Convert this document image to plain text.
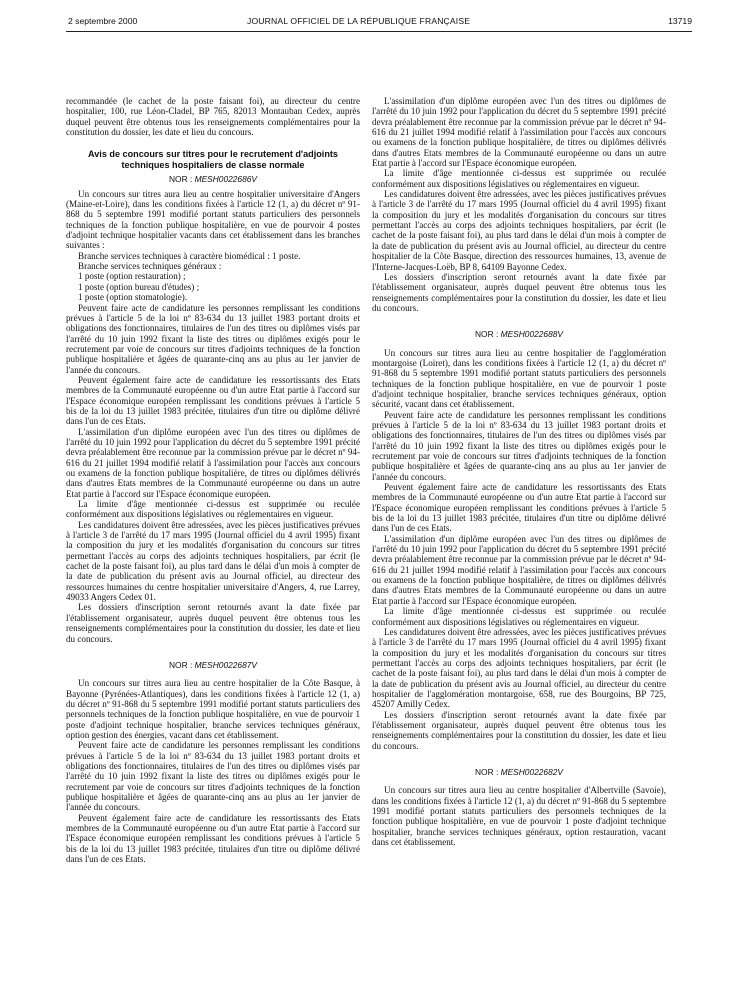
2 septembre 2000	JOURNAL OFFICIEL DE LA RÉPUBLIQUE FRANÇAISE	13719

recommandée (le cachet de la poste faisant foi), au directeur du centre hospitalier, 100, rue Léon-Cladel, BP 765, 82013 Montauban Cedex, auprès duquel peuvent être obtenus tous les renseignements complémentaires pour la constitution du dossier, les date et lieu du concours.

Avis de concours sur titres pour le recrutement d'adjoints techniques hospitaliers de classe normale
NOR : MESH0022686V

Un concours sur titres aura lieu au centre hospitalier universitaire d'Angers (Maine-et-Loire), dans les conditions fixées à l'article 12 (1, a) du décret nº 91-868 du 5 septembre 1991 modifié portant statuts particuliers des personnels techniques de la fonction publique hospitalière, en vue de pourvoir 4 postes d'adjoint technique hospitalier vacants dans cet établissement dans les branches suivantes :

Branche services techniques à caractère biomédical : 1 poste.

Branche services techniques généraux :

1 poste (option restauration) ;

1 poste (option bureau d'études) ;

1 poste (option stomatologie).

Peuvent faire acte de candidature les personnes remplissant les conditions prévues à l'article 5 de la loi nº 83-634 du 13 juillet 1983 portant droits et obligations des fonctionnaires, titulaires de l'un des titres ou diplômes visés par l'arrêté du 10 juin 1992 fixant la liste des titres ou diplômes exigés pour le recrutement par voie de concours sur titres d'adjoints techniques de la fonction publique hospitalière et âgées de quarante-cinq ans au plus au 1er janvier de l'année du concours.

Peuvent également faire acte de candidature les ressortissants des Etats membres de la Communauté européenne ou d'un autre Etat partie à l'accord sur l'Espace économique européen remplissant les conditions prévues à l'article 5 bis de la loi du 13 juillet 1983 précitée, titulaires d'un titre ou diplôme délivré dans l'un de ces Etats.

L'assimilation d'un diplôme européen avec l'un des titres ou diplômes de l'arrêté du 10 juin 1992 pour l'application du décret du 5 septembre 1991 précité devra préalablement être reconnue par la commission prévue par le décret nº 94-616 du 21 juillet 1994 modifié relatif à l'assimilation pour l'accès aux concours ou examens de la fonction publique hospitalière, de titres ou diplômes délivrés dans d'autres Etats membres de la Communauté européenne ou dans un autre Etat partie à l'accord sur l'Espace économique européen.

La limite d'âge mentionnée ci-dessus est supprimée ou reculée conformément aux dispositions législatives ou réglementaires en vigueur.

Les candidatures doivent être adressées, avec les pièces justificatives prévues à l'article 3 de l'arrêté du 17 mars 1995 (Journal officiel du 4 avril 1995) fixant la composition du jury et les modalités d'organisation du concours sur titres permettant l'accès au corps des adjoints techniques hospitaliers, par écrit (le cachet de la poste faisant foi), au plus tard dans le délai d'un mois à compter de la date de publication du présent avis au Journal officiel, au directeur des ressources humaines du centre hospitalier universitaire d'Angers, 4, rue Larrey, 49033 Angers Cedex 01.

Les dossiers d'inscription seront retournés avant la date fixée par l'établissement organisateur, auprès duquel peuvent être obtenus tous les renseignements complémentaires pour la constitution du dossier, les date et lieu du concours.

NOR : MESH0022687V

Un concours sur titres aura lieu au centre hospitalier de la Côte Basque, à Bayonne (Pyrénées-Atlantiques), dans les conditions fixées à l'article 12 (1, a) du décret nº 91-868 du 5 septembre 1991 modifié portant statuts particuliers des personnels techniques de la fonction publique hospitalière, en vue de pourvoir 1 poste d'adjoint technique hospitalier, branche services techniques généraux, option gestion des énergies, vacant dans cet établissement.

Peuvent faire acte de candidature les personnes remplissant les conditions prévues à l'article 5 de la loi nº 83-634 du 13 juillet 1983 portant droits et obligations des fonctionnaires, titulaires de l'un des titres ou diplômes visés par l'arrêté du 10 juin 1992 fixant la liste des titres ou diplômes exigés pour le recrutement par voie de concours sur titres d'adjoints techniques de la fonction publique hospitalière et âgées de quarante-cinq ans au plus au 1er janvier de l'année du concours.

Peuvent également faire acte de candidature les ressortissants des Etats membres de la Communauté européenne ou d'un autre Etat partie à l'accord sur l'Espace économique européen remplissant les conditions prévues à l'article 5 bis de la loi du 13 juillet 1983 précitée, titulaires d'un titre ou diplôme délivré dans l'un de ces Etats.

L'assimilation d'un diplôme européen avec l'un des titres ou diplômes de l'arrêté du 10 juin 1992 pour l'application du décret du 5 septembre 1991 précité devra préalablement être reconnue par la commission prévue par le décret nº 94-616 du 21 juillet 1994 modifié relatif à l'assimilation pour l'accès aux concours ou examens de la fonction publique hospitalière, de titres ou diplômes délivrés dans d'autres Etats membres de la Communauté européenne ou dans un autre Etat partie à l'accord sur l'Espace économique européen.

La limite d'âge mentionnée ci-dessus est supprimée ou reculée conformément aux dispositions législatives ou réglementaires en vigueur.

Les candidatures doivent être adressées, avec les pièces justificatives prévues à l'article 3 de l'arrêté du 17 mars 1995 (Journal officiel du 4 avril 1995) fixant la composition du jury et les modalités d'organisation du concours sur titres permettant l'accès au corps des adjoints techniques hospitaliers, par écrit (le cachet de la poste faisant foi), au plus tard dans le délai d'un mois à compter de la date de publication du présent avis au Journal officiel, au directeur du centre hospitalier de la Côte Basque, direction des ressources humaines, 13, avenue de l'Interne-Jacques-Loëb, BP 8, 64109 Bayonne Cedex.

Les dossiers d'inscription seront retournés avant la date fixée par l'établissement organisateur, auprès duquel peuvent être obtenus tous les renseignements complémentaires pour la constitution du dossier, les date et lieu du concours.

NOR : MESH0022688V

Un concours sur titres aura lieu au centre hospitalier de l'agglomération montargoise (Loiret), dans les conditions fixées à l'article 12 (1, a) du décret nº 91-868 du 5 septembre 1991 modifié portant statuts particuliers des personnels techniques de la fonction publique hospitalière, en vue de pourvoir 1 poste d'adjoint technique hospitalier, branche services techniques généraux, option sécurité, vacant dans cet établissement.

Peuvent faire acte de candidature les personnes remplissant les conditions prévues à l'article 5 de la loi nº 83-634 du 13 juillet 1983 portant droits et obligations des fonctionnaires, titulaires de l'un des titres ou diplômes visés par l'arrêté du 10 juin 1992 fixant la liste des titres ou diplômes exigés pour le recrutement par voie de concours sur titres d'adjoints techniques de la fonction publique hospitalière et âgées de quarante-cinq ans au plus au 1er janvier de l'année du concours.

Peuvent également faire acte de candidature les ressortissants des Etats membres de la Communauté européenne ou d'un autre Etat partie à l'accord sur l'Espace économique européen remplissant les conditions prévues à l'article 5 bis de la loi du 13 juillet 1983 précitée, titulaires d'un titre ou diplôme délivré dans l'un de ces Etats.

L'assimilation d'un diplôme européen avec l'un des titres ou diplômes de l'arrêté du 10 juin 1992 pour l'application du décret du 5 septembre 1991 précité devra préalablement être reconnue par la commission prévue par le décret nº 94-616 du 21 juillet 1994 modifié relatif à l'assimilation pour l'accès aux concours ou examens de la fonction publique hospitalière, de titres ou diplômes délivrés dans d'autres Etats membres de la Communauté européenne ou dans un autre Etat partie à l'accord sur l'Espace économique européen.

La limite d'âge mentionnée ci-dessus est supprimée ou reculée conformément aux dispositions législatives ou réglementaires en vigueur.

Les candidatures doivent être adressées, avec les pièces justificatives prévues à l'article 3 de l'arrêté du 17 mars 1995 (Journal officiel du 4 avril 1995) fixant la composition du jury et les modalités d'organisation du concours sur titres permettant l'accès au corps des adjoints techniques hospitaliers, par écrit (le cachet de la poste faisant foi), au plus tard dans le délai d'un mois à compter de la date de publication du présent avis au Journal officiel, au directeur du centre hospitalier de l'agglomération montargoise, 658, rue des Bourgoins, BP 725, 45207 Amilly Cedex.

Les dossiers d'inscription seront retournés avant la date fixée par l'établissement organisateur, auprès duquel peuvent être obtenus tous les renseignements complémentaires pour la constitution du dossier, les date et lieu du concours.

NOR : MESH0022682V

Un concours sur titres aura lieu au centre hospitalier d'Albertville (Savoie), dans les conditions fixées à l'article 12 (1, a) du décret nº 91-868 du 5 septembre 1991 modifié portant statuts particuliers des personnels techniques de la fonction publique hospitalière, en vue de pourvoir 1 poste d'adjoint technique hospitalier, branche services techniques généraux, option restauration, vacant dans cet établissement.
